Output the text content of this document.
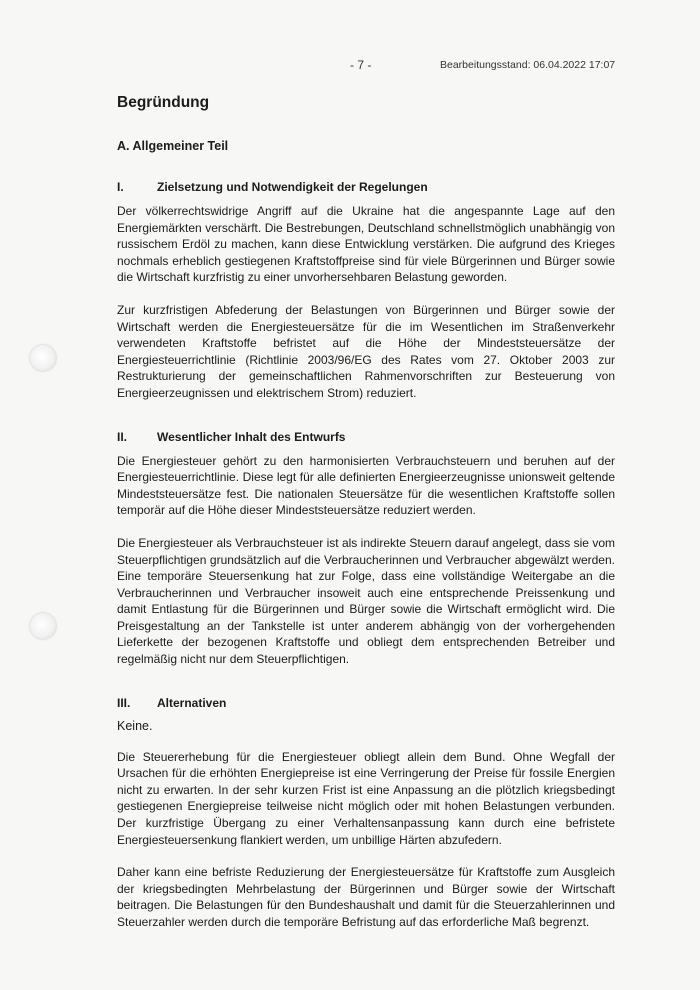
- 7 -	Bearbeitungsstand: 06.04.2022 17:07
Begründung
A. Allgemeiner Teil
I.	Zielsetzung und Notwendigkeit der Regelungen

Der völkerrechtswidrige Angriff auf die Ukraine hat die angespannte Lage auf den Energiemärkten verschärft. Die Bestrebungen, Deutschland schnellstmöglich unabhängig von russischem Erdöl zu machen, kann diese Entwicklung verstärken. Die aufgrund des Krieges nochmals erheblich gestiegenen Kraftstoffpreise sind für viele Bürgerinnen und Bürger sowie die Wirtschaft kurzfristig zu einer unvorhersehbaren Belastung geworden.

Zur kurzfristigen Abfederung der Belastungen von Bürgerinnen und Bürger sowie der Wirtschaft werden die Energiesteuersätze für die im Wesentlichen im Straßenverkehr verwendeten Kraftstoffe befristet auf die Höhe der Mindeststeuersätze der Energiesteuerrichtlinie (Richtlinie 2003/96/EG des Rates vom 27. Oktober 2003 zur Restrukturierung der gemeinschaftlichen Rahmenvorschriften zur Besteuerung von Energieerzeugnissen und elektrischem Strom) reduziert.

II.	Wesentlicher Inhalt des Entwurfs

Die Energiesteuer gehört zu den harmonisierten Verbrauchsteuern und beruhen auf der Energiesteuerrichtlinie. Diese legt für alle definierten Energieerzeugnisse unionsweit geltende Mindeststeuersätze fest. Die nationalen Steuersätze für die wesentlichen Kraftstoffe sollen temporär auf die Höhe dieser Mindeststeuersätze reduziert werden.

Die Energiesteuer als Verbrauchsteuer ist als indirekte Steuern darauf angelegt, dass sie vom Steuerpflichtigen grundsätzlich auf die Verbraucherinnen und Verbraucher abgewälzt werden. Eine temporäre Steuersenkung hat zur Folge, dass eine vollständige Weitergabe an die Verbraucherinnen und Verbraucher insoweit auch eine entsprechende Preissenkung und damit Entlastung für die Bürgerinnen und Bürger sowie die Wirtschaft ermöglicht wird. Die Preisgestaltung an der Tankstelle ist unter anderem abhängig von der vorhergehenden Lieferkette der bezogenen Kraftstoffe und obliegt dem entsprechenden Betreiber und regelmäßig nicht nur dem Steuerpflichtigen.

III.	Alternativen
Keine.

Die Steuererhebung für die Energiesteuer obliegt allein dem Bund. Ohne Wegfall der Ursachen für die erhöhten Energiepreise ist eine Verringerung der Preise für fossile Energien nicht zu erwarten. In der sehr kurzen Frist ist eine Anpassung an die plötzlich kriegsbedingt gestiegenen Energiepreise teilweise nicht möglich oder mit hohen Belastungen verbunden. Der kurzfristige Übergang zu einer Verhaltensanpassung kann durch eine befristete Energiesteuersenkung flankiert werden, um unbillige Härten abzufedern.

Daher kann eine befriste Reduzierung der Energiesteuersätze für Kraftstoffe zum Ausgleich der kriegsbedingten Mehrbelastung der Bürgerinnen und Bürger sowie der Wirtschaft beitragen. Die Belastungen für den Bundeshaushalt und damit für die Steuerzahlerinnen und Steuerzahler werden durch die temporäre Befristung auf das erforderliche Maß begrenzt.
